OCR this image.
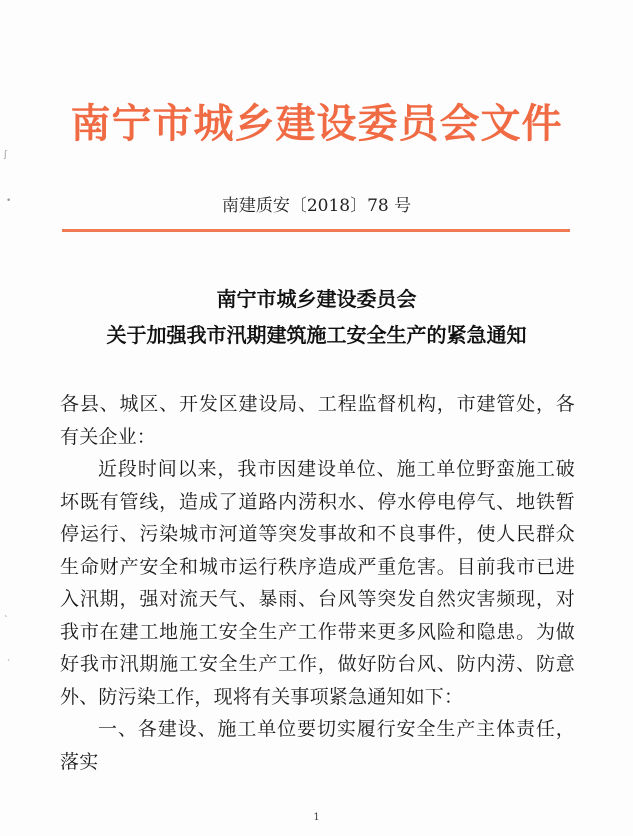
ʃ
•
ˎ
ˏ
南宁市城乡建设委员会文件
南建质安〔2018〕78 号
南宁市城乡建设委员会
关于加强我市汛期建筑施工安全生产的紧急通知

各县、城区、开发区建设局、工程监督机构，市建管处，各有关企业：

近段时间以来，我市因建设单位、施工单位野蛮施工破坏既有管线，造成了道路内涝积水、停水停电停气、地铁暂停运行、污染城市河道等突发事故和不良事件，使人民群众生命财产安全和城市运行秩序造成严重危害。目前我市已进入汛期，强对流天气、暴雨、台风等突发自然灾害频现，对我市在建工地施工安全生产工作带来更多风险和隐患。为做好我市汛期施工安全生产工作，做好防台风、防内涝、防意外、防污染工作，现将有关事项紧急通知如下：

一、各建设、施工单位要切实履行安全生产主体责任，落实

1
